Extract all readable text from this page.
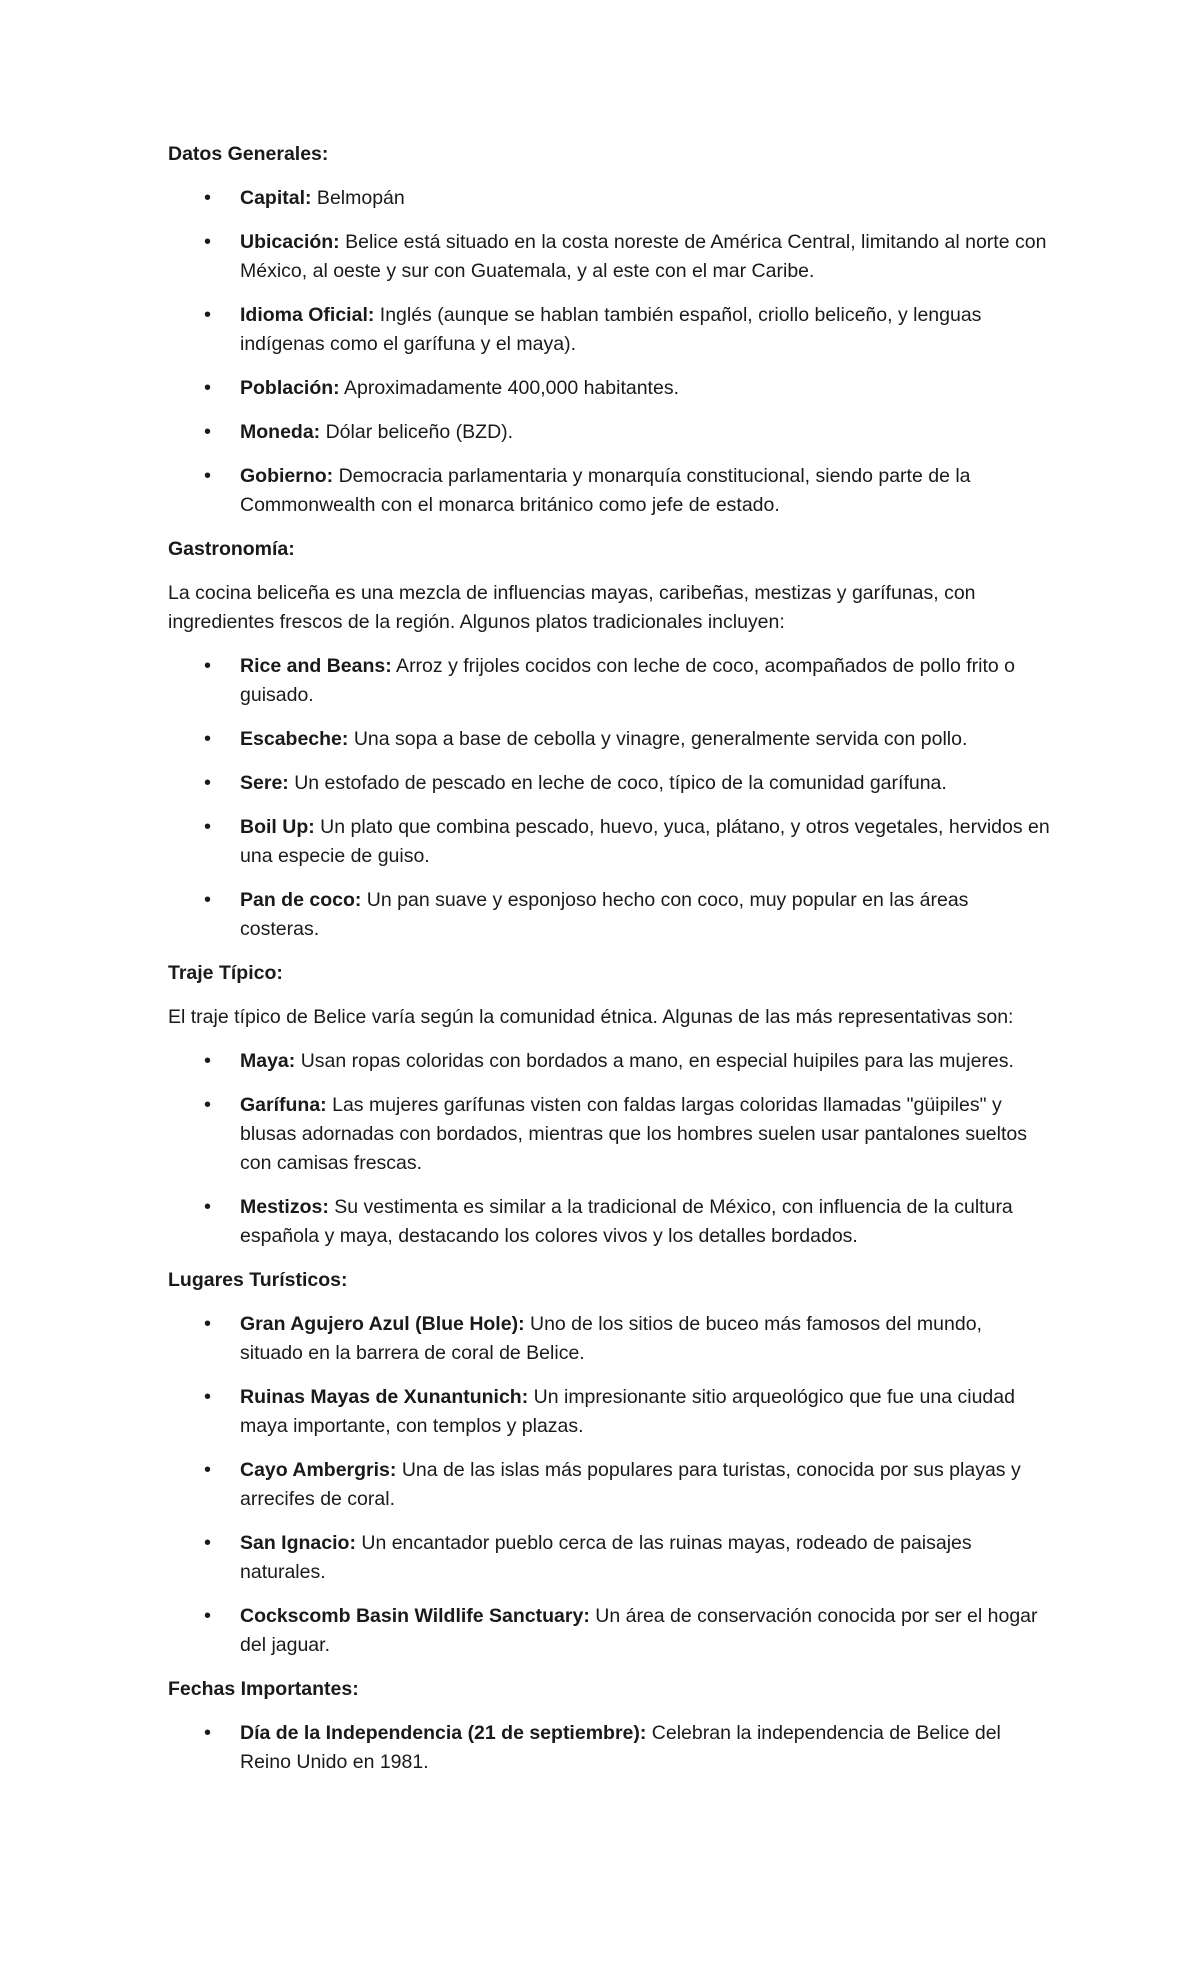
Datos Generales:

• Capital: Belmopán
• Ubicación: Belice está situado en la costa noreste de América Central, limitando al norte con México, al oeste y sur con Guatemala, y al este con el mar Caribe.
• Idioma Oficial: Inglés (aunque se hablan también español, criollo beliceño, y lenguas indígenas como el garífuna y el maya).
• Población: Aproximadamente 400,000 habitantes.
• Moneda: Dólar beliceño (BZD).
• Gobierno: Democracia parlamentaria y monarquía constitucional, siendo parte de la Commonwealth con el monarca británico como jefe de estado.

Gastronomía:

La cocina beliceña es una mezcla de influencias mayas, caribeñas, mestizas y garífunas, con ingredientes frescos de la región. Algunos platos tradicionales incluyen:

• Rice and Beans: Arroz y frijoles cocidos con leche de coco, acompañados de pollo frito o guisado.
• Escabeche: Una sopa a base de cebolla y vinagre, generalmente servida con pollo.
• Sere: Un estofado de pescado en leche de coco, típico de la comunidad garífuna.
• Boil Up: Un plato que combina pescado, huevo, yuca, plátano, y otros vegetales, hervidos en una especie de guiso.
• Pan de coco: Un pan suave y esponjoso hecho con coco, muy popular en las áreas costeras.

Traje Típico:

El traje típico de Belice varía según la comunidad étnica. Algunas de las más representativas son:

• Maya: Usan ropas coloridas con bordados a mano, en especial huipiles para las mujeres.
• Garífuna: Las mujeres garífunas visten con faldas largas coloridas llamadas "güipiles" y blusas adornadas con bordados, mientras que los hombres suelen usar pantalones sueltos con camisas frescas.
• Mestizos: Su vestimenta es similar a la tradicional de México, con influencia de la cultura española y maya, destacando los colores vivos y los detalles bordados.

Lugares Turísticos:

• Gran Agujero Azul (Blue Hole): Uno de los sitios de buceo más famosos del mundo, situado en la barrera de coral de Belice.
• Ruinas Mayas de Xunantunich: Un impresionante sitio arqueológico que fue una ciudad maya importante, con templos y plazas.
• Cayo Ambergris: Una de las islas más populares para turistas, conocida por sus playas y arrecifes de coral.
• San Ignacio: Un encantador pueblo cerca de las ruinas mayas, rodeado de paisajes naturales.
• Cockscomb Basin Wildlife Sanctuary: Un área de conservación conocida por ser el hogar del jaguar.

Fechas Importantes:

• Día de la Independencia (21 de septiembre): Celebran la independencia de Belice del Reino Unido en 1981.
